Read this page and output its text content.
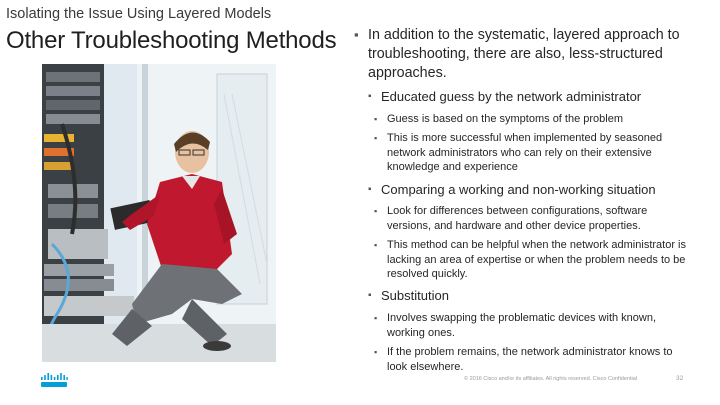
Isolating the Issue Using Layered Models
Other Troubleshooting Methods ▪ In addition to the systematic, layered approach to troubleshooting, there are also, less-structured approaches.
▪ Educated guess by the network administrator
▪ Guess is based on the symptoms of the problem
▪ This is more successful when implemented by seasoned network administrators who can rely on their extensive knowledge and experience
▪ Comparing a working and non-working situation
▪ Look for differences between configurations, software versions, and hardware and other device properties.
▪ This method can be helpful when the network administrator is lacking an area of expertise or when the problem needs to be resolved quickly.
▪ Substitution
▪ Involves swapping the problematic devices with known, working ones.
▪ If the problem remains, the network administrator knows to look elsewhere.
© 2016 Cisco and/or its affiliates. All rights reserved. Cisco Confidential	32
